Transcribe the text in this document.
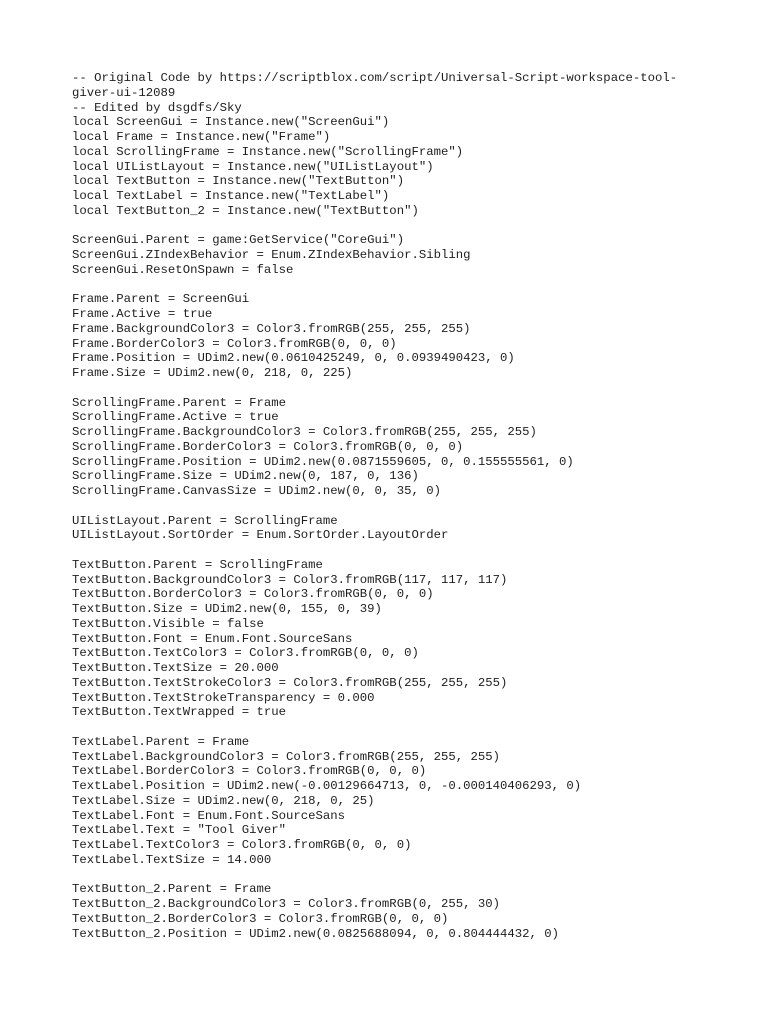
-- Original Code by https://scriptblox.com/script/Universal-Script-workspace-tool-
giver-ui-12089
-- Edited by dsgdfs/Sky
local ScreenGui = Instance.new("ScreenGui")
local Frame = Instance.new("Frame")
local ScrollingFrame = Instance.new("ScrollingFrame")
local UIListLayout = Instance.new("UIListLayout")
local TextButton = Instance.new("TextButton")
local TextLabel = Instance.new("TextLabel")
local TextButton_2 = Instance.new("TextButton")
ScreenGui.Parent = game:GetService("CoreGui")
ScreenGui.ZIndexBehavior = Enum.ZIndexBehavior.Sibling
ScreenGui.ResetOnSpawn = false
Frame.Parent = ScreenGui
Frame.Active = true
Frame.BackgroundColor3 = Color3.fromRGB(255, 255, 255)
Frame.BorderColor3 = Color3.fromRGB(0, 0, 0)
Frame.Position = UDim2.new(0.0610425249, 0, 0.0939490423, 0)
Frame.Size = UDim2.new(0, 218, 0, 225)
ScrollingFrame.Parent = Frame
ScrollingFrame.Active = true
ScrollingFrame.BackgroundColor3 = Color3.fromRGB(255, 255, 255)
ScrollingFrame.BorderColor3 = Color3.fromRGB(0, 0, 0)
ScrollingFrame.Position = UDim2.new(0.0871559605, 0, 0.155555561, 0)
ScrollingFrame.Size = UDim2.new(0, 187, 0, 136)
ScrollingFrame.CanvasSize = UDim2.new(0, 0, 35, 0)
UIListLayout.Parent = ScrollingFrame
UIListLayout.SortOrder = Enum.SortOrder.LayoutOrder
TextButton.Parent = ScrollingFrame
TextButton.BackgroundColor3 = Color3.fromRGB(117, 117, 117)
TextButton.BorderColor3 = Color3.fromRGB(0, 0, 0)
TextButton.Size = UDim2.new(0, 155, 0, 39)
TextButton.Visible = false
TextButton.Font = Enum.Font.SourceSans
TextButton.TextColor3 = Color3.fromRGB(0, 0, 0)
TextButton.TextSize = 20.000
TextButton.TextStrokeColor3 = Color3.fromRGB(255, 255, 255)
TextButton.TextStrokeTransparency = 0.000
TextButton.TextWrapped = true
TextLabel.Parent = Frame
TextLabel.BackgroundColor3 = Color3.fromRGB(255, 255, 255)
TextLabel.BorderColor3 = Color3.fromRGB(0, 0, 0)
TextLabel.Position = UDim2.new(-0.00129664713, 0, -0.000140406293, 0)
TextLabel.Size = UDim2.new(0, 218, 0, 25)
TextLabel.Font = Enum.Font.SourceSans
TextLabel.Text = "Tool Giver"
TextLabel.TextColor3 = Color3.fromRGB(0, 0, 0)
TextLabel.TextSize = 14.000
TextButton_2.Parent = Frame
TextButton_2.BackgroundColor3 = Color3.fromRGB(0, 255, 30)
TextButton_2.BorderColor3 = Color3.fromRGB(0, 0, 0)
TextButton_2.Position = UDim2.new(0.0825688094, 0, 0.804444432, 0)
